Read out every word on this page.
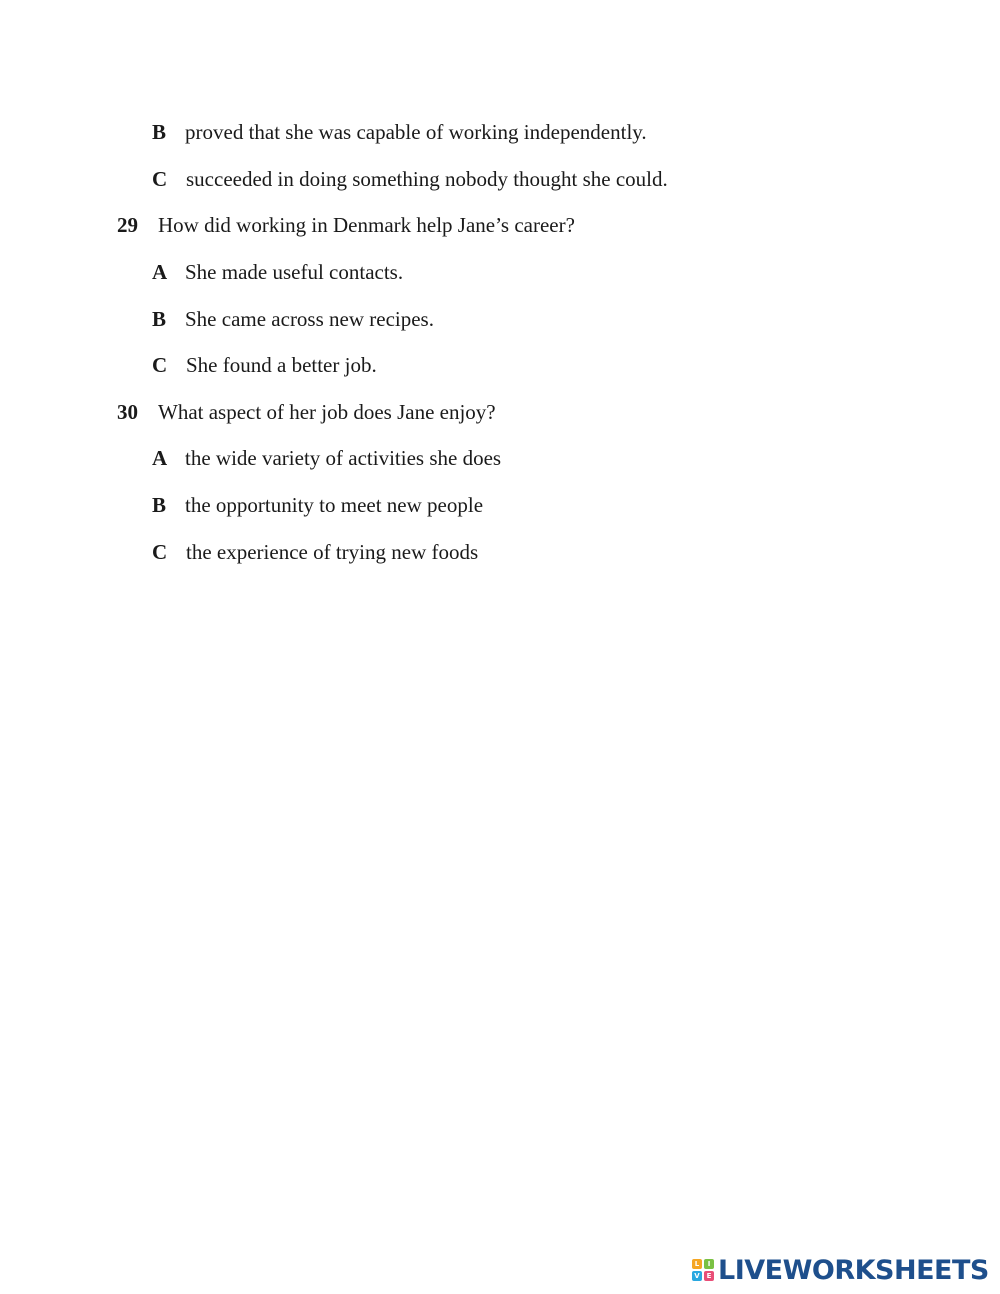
B proved that she was capable of working independently.
C succeeded in doing something nobody thought she could.
29 How did working in Denmark help Jane’s career?
A She made useful contacts.
B She came across new recipes.
C She found a better job.
30 What aspect of her job does Jane enjoy?
A the wide variety of activities she does
B the opportunity to meet new people
C the experience of trying new foods
L	I
V E LIVEWORKSHEETS
